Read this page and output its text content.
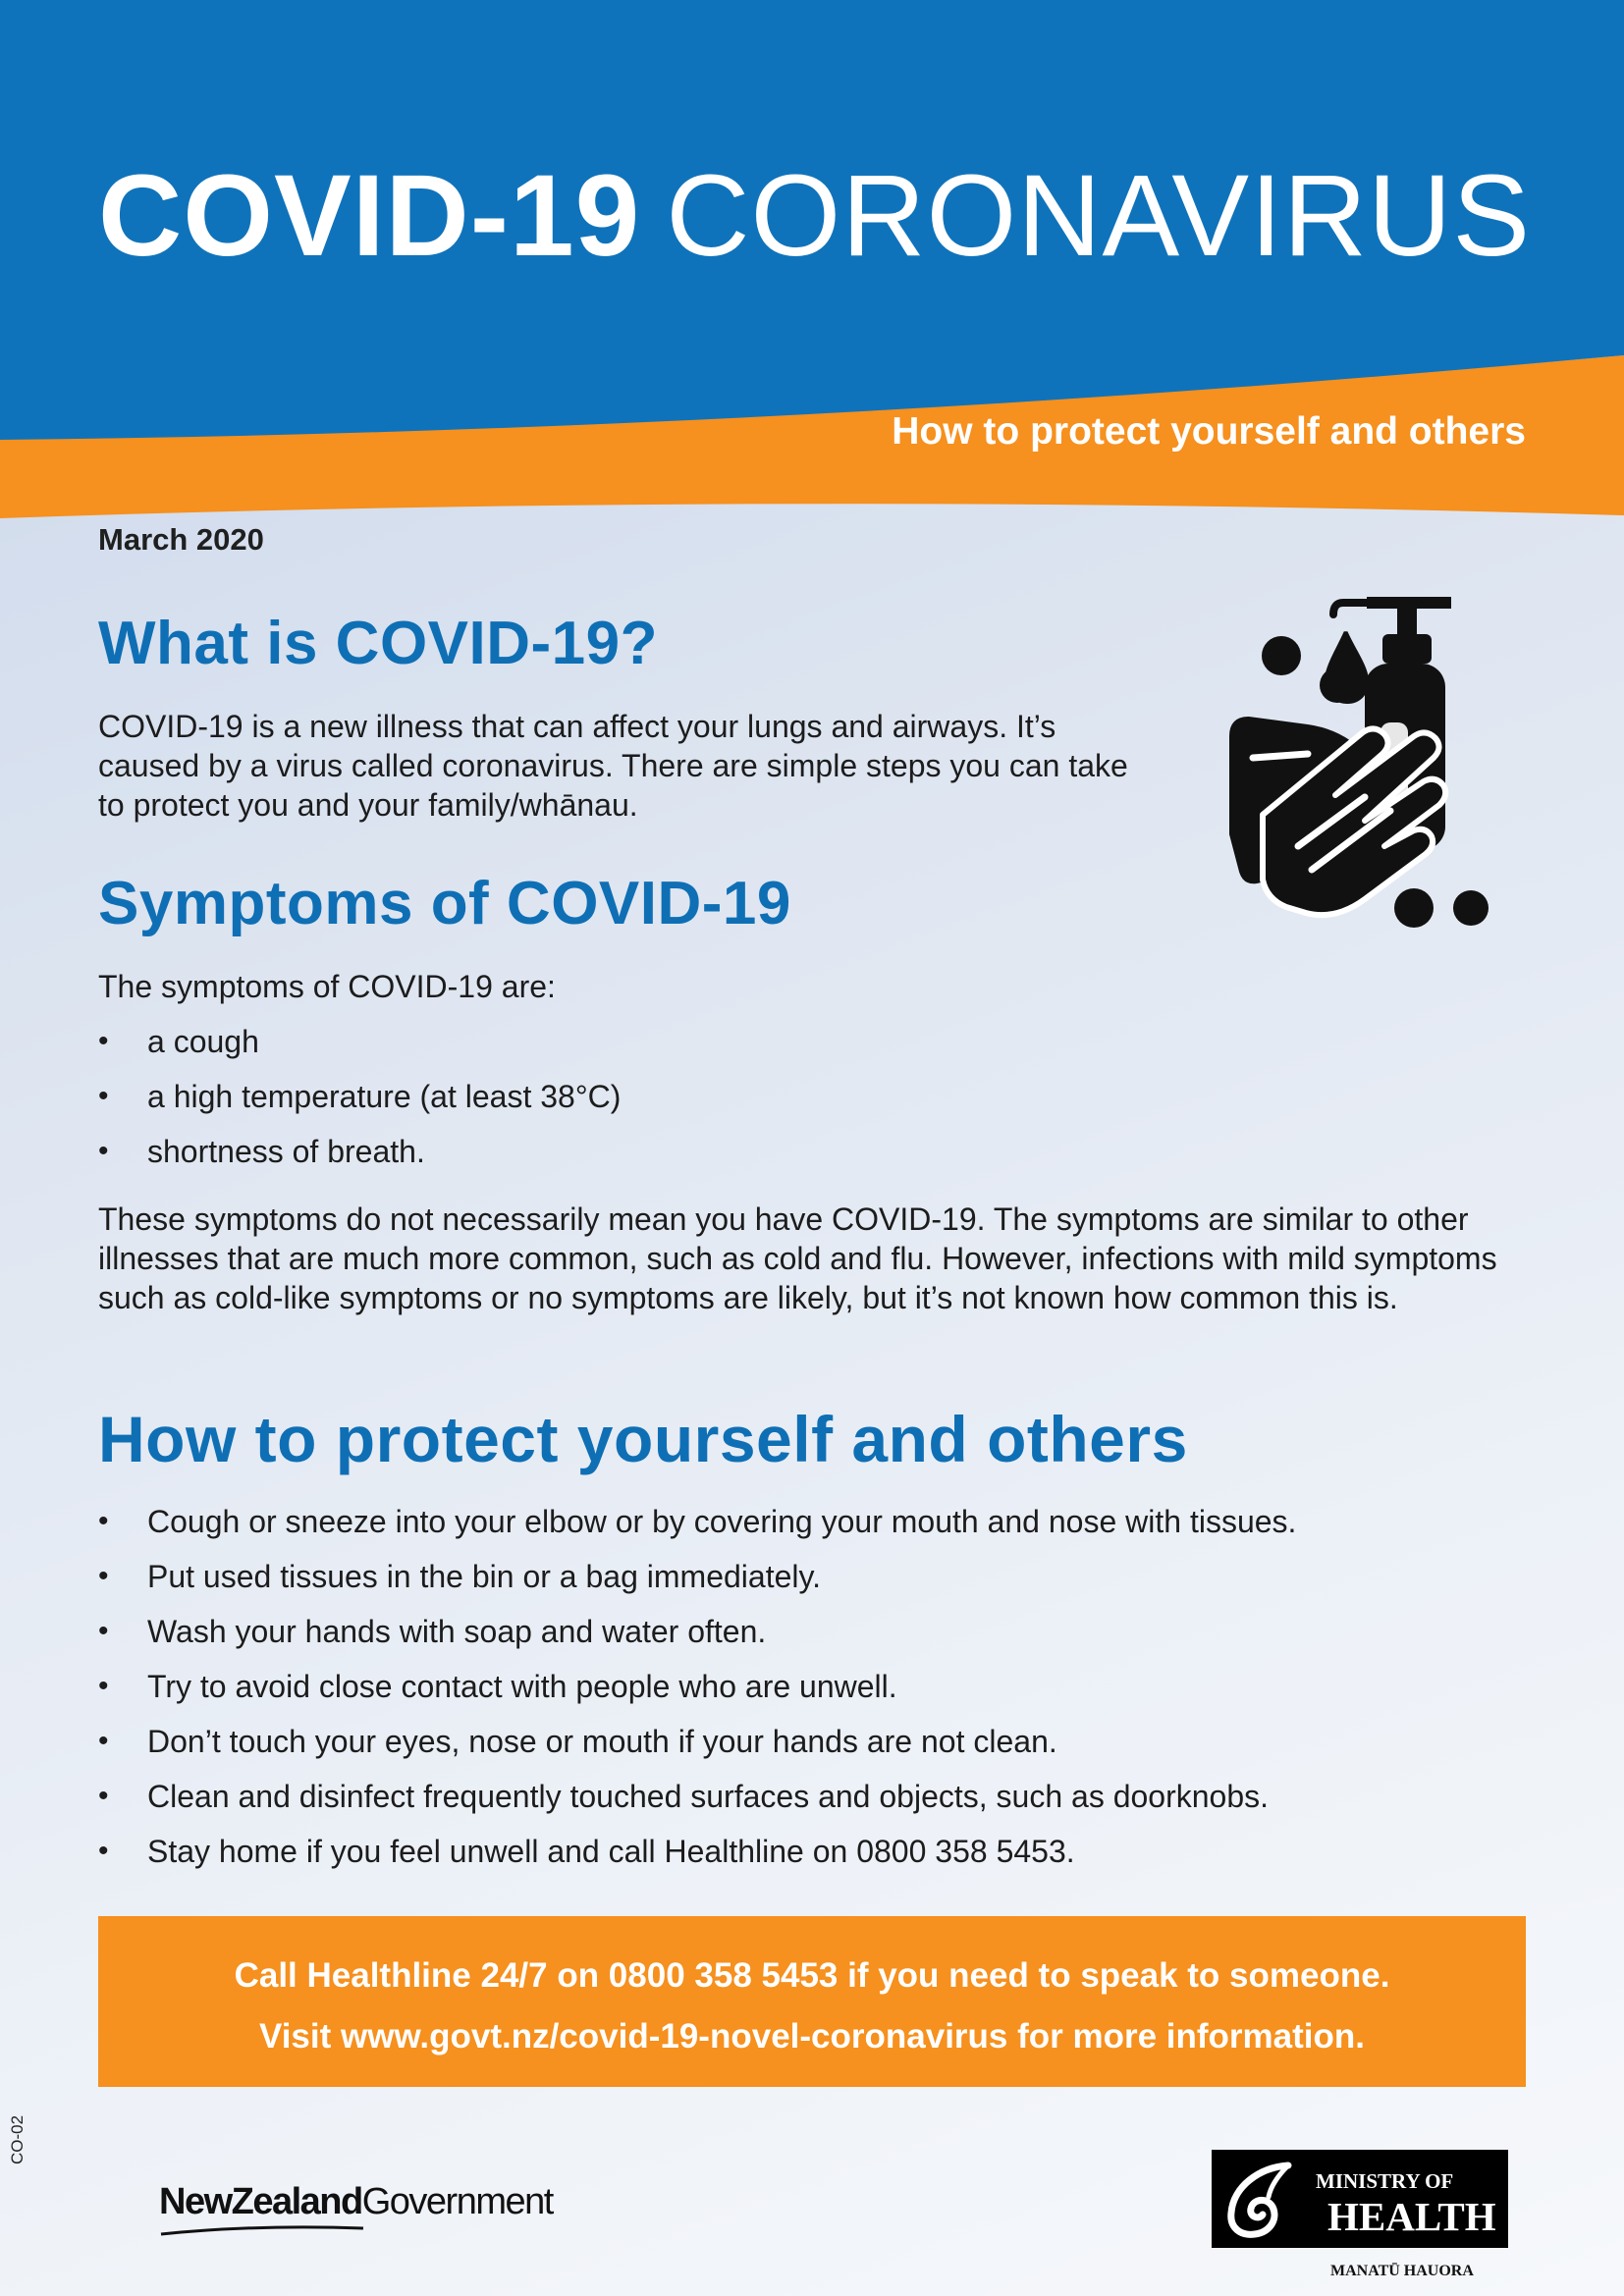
COVID-19 CORONAVIRUS
How to protect yourself and others
March 2020
What is COVID-19?

COVID-19 is a new illness that can affect your lungs and airways. It’s caused by a virus called coronavirus. There are simple steps you can take to protect you and your family/whānau.

Symptoms of COVID-19

The symptoms of COVID-19 are:

• a cough
• a high temperature (at least 38°C)
• shortness of breath.

These symptoms do not necessarily mean you have COVID-19. The symptoms are similar to other illnesses that are much more common, such as cold and flu. However, infections with mild symptoms such as cold-like symptoms or no symptoms are likely, but it’s not known how common this is.

How to protect yourself and others
• Cough or sneeze into your elbow or by covering your mouth and nose with tissues.
• Put used tissues in the bin or a bag immediately.
• Wash your hands with soap and water often.
• Try to avoid close contact with people who are unwell.
• Don’t touch your eyes, nose or mouth if your hands are not clean.
• Clean and disinfect frequently touched surfaces and objects, such as doorknobs.
• Stay home if you feel unwell and call Healthline on 0800 358 5453.
Call Healthline 24/7 on 0800 358 5453 if you need to speak to someone.
Visit www.govt.nz/covid-19-novel-coronavirus for more information.
CO-02
NewZealandGovernment	MINISTRY OF
HEALTH
MANATŪ HAUORA
